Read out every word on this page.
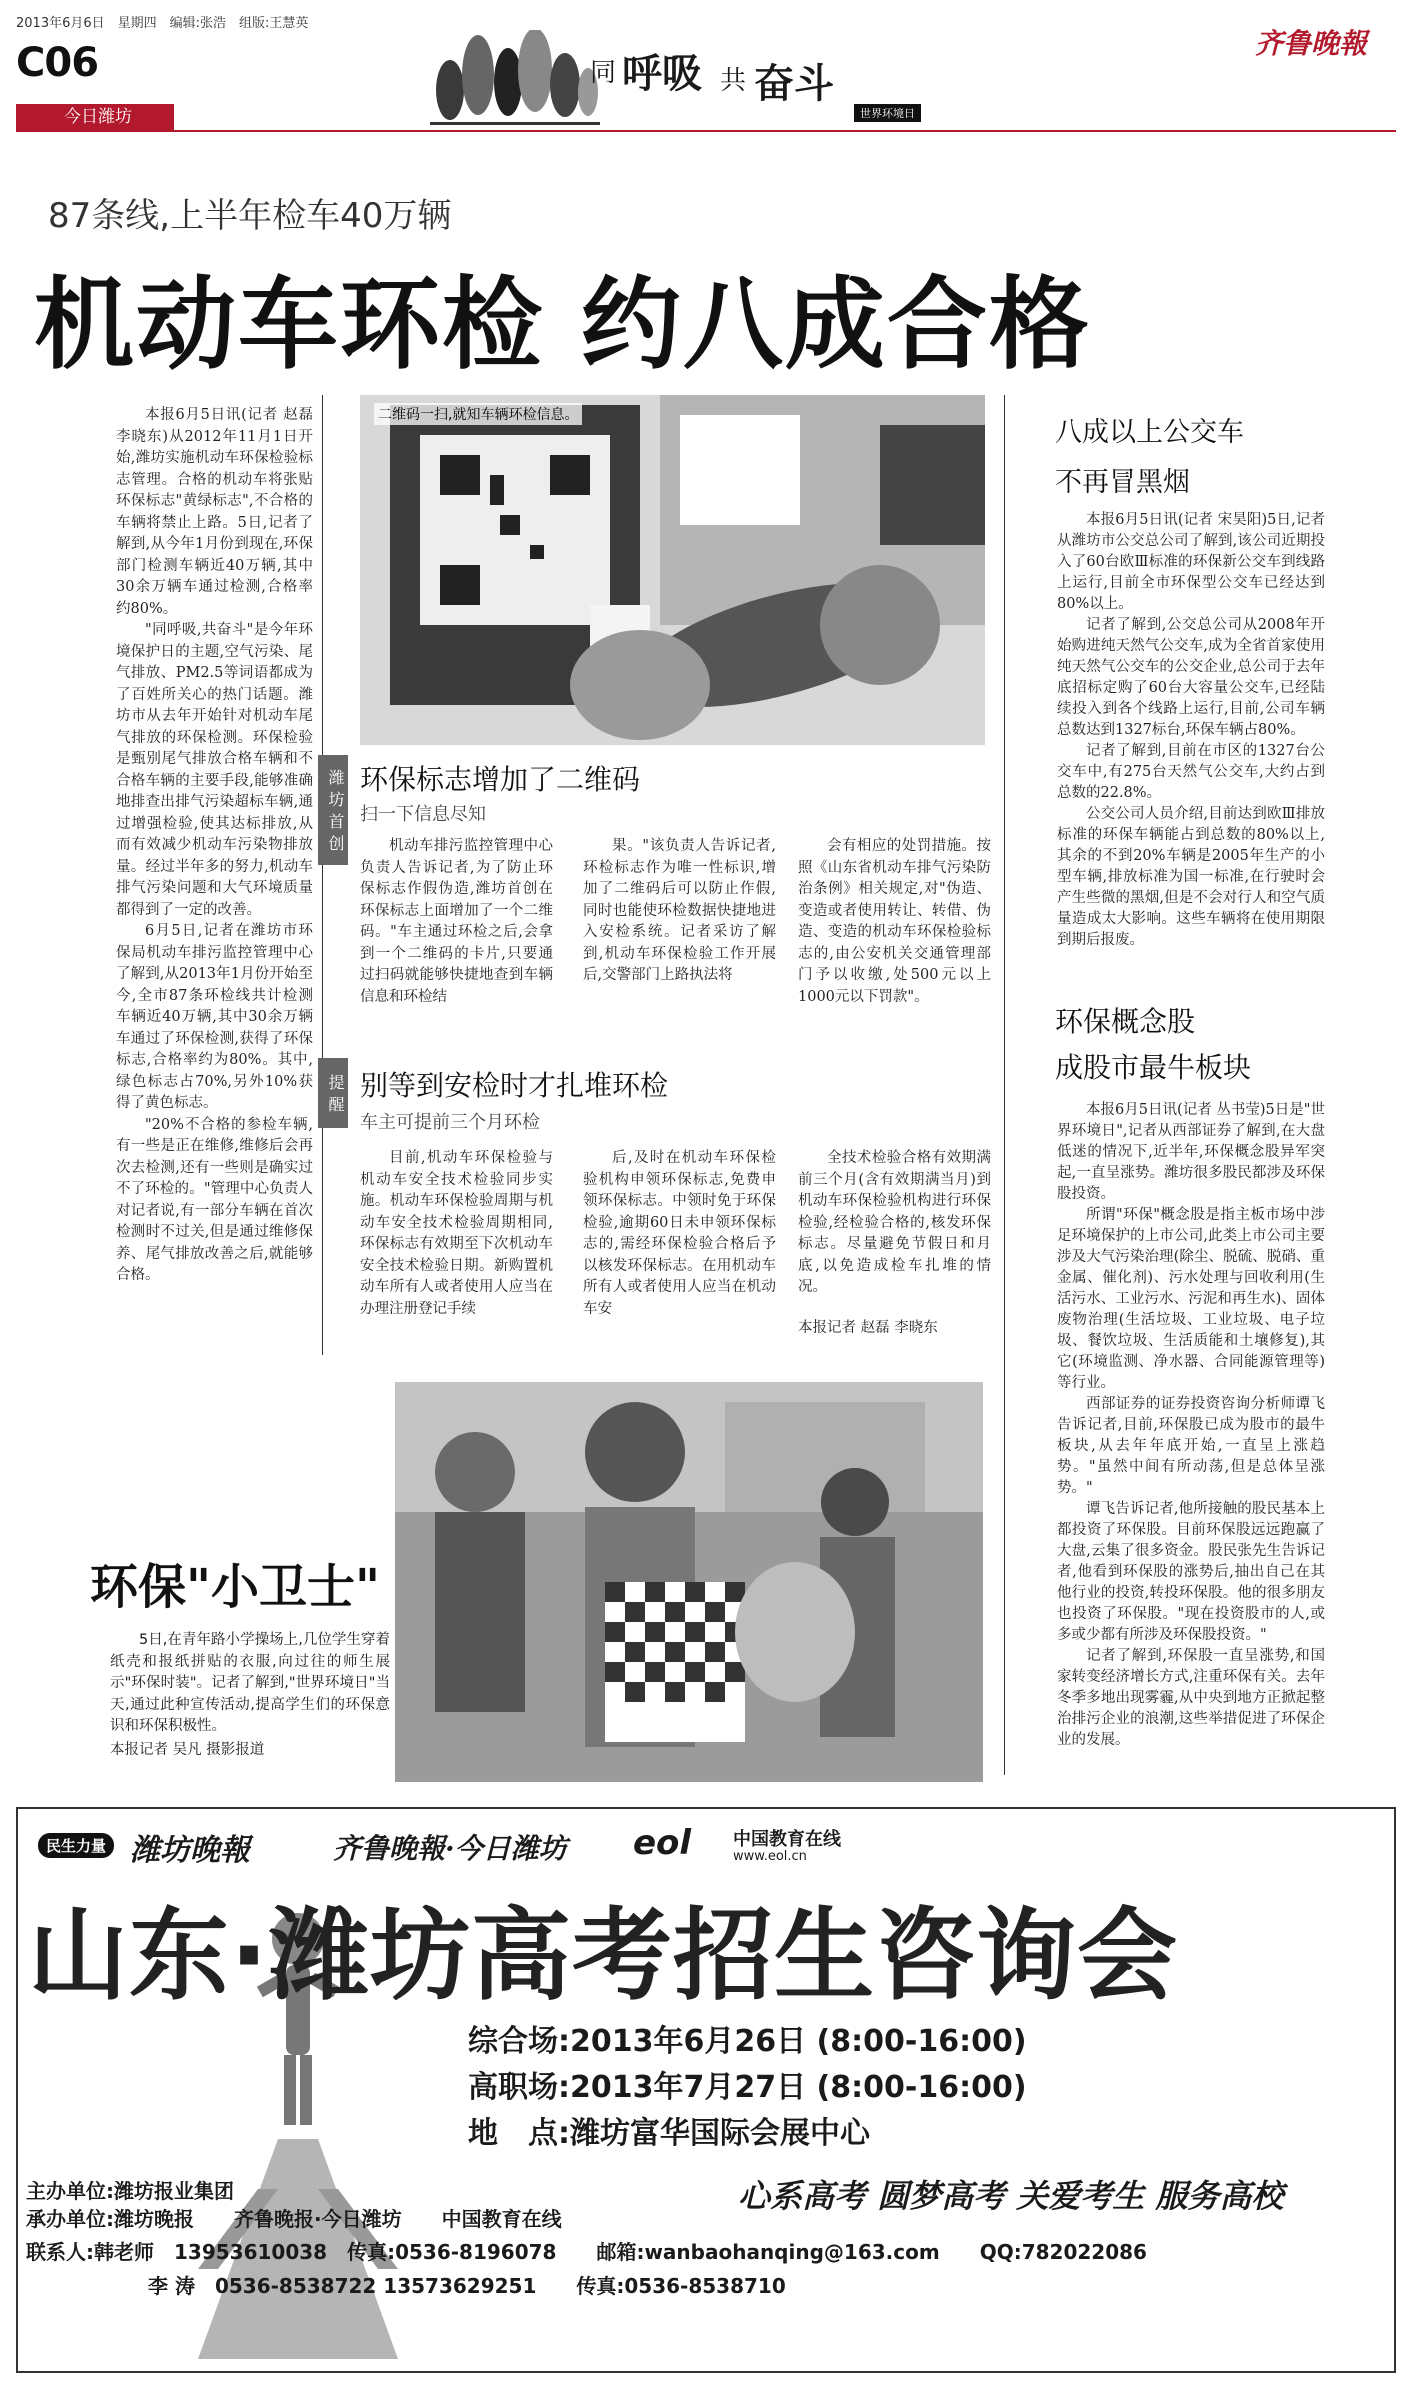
2013年6月6日　星期四　编辑:张浩　组版:王慧英
C06
今日潍坊
齐鲁晚報
同 呼吸 共 奋斗
世界环境日
87条线,上半年检车40万辆
机动车环检 约八成合格

本报6月5日讯(记者 赵磊 李晓东)从2012年11月1日开始,潍坊实施机动车环保检验标志管理。合格的机动车将张贴环保标志"黄绿标志",不合格的车辆将禁止上路。5日,记者了解到,从今年1月份到现在,环保部门检测车辆近40万辆,其中30余万辆车通过检测,合格率约80%。

"同呼吸,共奋斗"是今年环境保护日的主题,空气污染、尾气排放、PM2.5等词语都成为了百姓所关心的热门话题。潍坊市从去年开始针对机动车尾气排放的环保检测。环保检验是甄别尾气排放合格车辆和不合格车辆的主要手段,能够准确地排查出排气污染超标车辆,通过增强检验,使其达标排放,从而有效减少机动车污染物排放量。经过半年多的努力,机动车排气污染问题和大气环境质量都得到了一定的改善。

6月5日,记者在潍坊市环保局机动车排污监控管理中心了解到,从2013年1月份开始至今,全市87条环检线共计检测车辆近40万辆,其中30余万辆车通过了环保检测,获得了环保标志,合格率约为80%。其中,绿色标志占70%,另外10%获得了黄色标志。

"20%不合格的参检车辆,有一些是正在维修,维修后会再次去检测,还有一些则是确实过不了环检的。"管理中心负责人对记者说,有一部分车辆在首次检测时不过关,但是通过维修保养、尾气排放改善之后,就能够合格。

二维码一扫,就知车辆环检信息。
潍坊首创
提醒
环保标志增加了二维码
扫一下信息尽知

机动车排污监控管理中心负责人告诉记者,为了防止环保标志作假伪造,潍坊首创在环保标志上面增加了一个二维码。"车主通过环检之后,会拿到一个二维码的卡片,只要通过扫码就能够快捷地查到车辆信息和环检结

果。"该负责人告诉记者,环检标志作为唯一性标识,增加了二维码后可以防止作假,同时也能使环检数据快捷地进入安检系统。记者采访了解到,机动车环保检验工作开展后,交警部门上路执法将

会有相应的处罚措施。按照《山东省机动车排气污染防治条例》相关规定,对"伪造、变造或者使用转让、转借、伪造、变造的机动车环保检验标志的,由公安机关交通管理部门予以收缴,处500元以上1000元以下罚款"。

别等到安检时才扎堆环检
车主可提前三个月环检

目前,机动车环保检验与机动车安全技术检验同步实施。机动车环保检验周期与机动车安全技术检验周期相同,环保标志有效期至下次机动车安全技术检验日期。新购置机动车所有人或者使用人应当在办理注册登记手续

后,及时在机动车环保检验机构申领环保标志,免费申领环保标志。中领时免于环保检验,逾期60日未申领环保标志的,需经环保检验合格后予以核发环保标志。在用机动车所有人或者使用人应当在机动车安

全技术检验合格有效期满前三个月(含有效期满当月)到机动车环保检验机构进行环保检验,经检验合格的,核发环保标志。尽量避免节假日和月底,以免造成检车扎堆的情况。

本报记者 赵磊 李晓东
八成以上公交车
不再冒黑烟

本报6月5日讯(记者 宋昊阳)5日,记者从潍坊市公交总公司了解到,该公司近期投入了60台欧Ⅲ标准的环保新公交车到线路上运行,目前全市环保型公交车已经达到80%以上。

记者了解到,公交总公司从2008年开始购进纯天然气公交车,成为全省首家使用纯天然气公交车的公交企业,总公司于去年底招标定购了60台大容量公交车,已经陆续投入到各个线路上运行,目前,公司车辆总数达到1327标台,环保车辆占80%。

记者了解到,目前在市区的1327台公交车中,有275台天然气公交车,大约占到总数的22.8%。

公交公司人员介绍,目前达到欧Ⅲ排放标准的环保车辆能占到总数的80%以上,其余的不到20%车辆是2005年生产的小型车辆,排放标准为国一标准,在行驶时会产生些微的黑烟,但是不会对行人和空气质量造成太大影响。这些车辆将在使用期限到期后报废。

环保概念股
成股市最牛板块

本报6月5日讯(记者 丛书莹)5日是"世界环境日",记者从西部证券了解到,在大盘低迷的情况下,近半年,环保概念股异军突起,一直呈涨势。潍坊很多股民都涉及环保股投资。

所谓"环保"概念股是指主板市场中涉足环境保护的上市公司,此类上市公司主要涉及大气污染治理(除尘、脱硫、脱硝、重金属、催化剂)、污水处理与回收利用(生活污水、工业污水、污泥和再生水)、固体废物治理(生活垃圾、工业垃圾、电子垃圾、餐饮垃圾、生活质能和土壤修复),其它(环境监测、净水器、合同能源管理等)等行业。

西部证券的证券投资咨询分析师谭飞告诉记者,目前,环保股已成为股市的最牛板块,从去年年底开始,一直呈上涨趋势。"虽然中间有所动荡,但是总体呈涨势。"

谭飞告诉记者,他所接触的股民基本上都投资了环保股。目前环保股远远跑赢了大盘,云集了很多资金。股民张先生告诉记者,他看到环保股的涨势后,抽出自己在其他行业的投资,转投环保股。他的很多朋友也投资了环保股。"现在投资股市的人,或多或少都有所涉及环保股投资。"

记者了解到,环保股一直呈涨势,和国家转变经济增长方式,注重环保有关。去年冬季多地出现雾霾,从中央到地方正掀起整治排污企业的浪潮,这些举措促进了环保企业的发展。

环保"小卫士"
5日,在青年路小学操场上,几位学生穿着纸壳和报纸拼贴的衣服,向过往的师生展示"环保时装"。记者了解到,"世界环境日"当天,通过此种宣传活动,提高学生们的环保意识和环保积极性。
本报记者 吴凡 摄影报道
民生力量 潍坊晚報	齐鲁晚報·今日潍坊 eol 中国教育在线
www.eol.cn
山东·潍坊高考招生咨询会
综合场:2013年6月26日 (8:00-16:00)
高职场:2013年7月27日 (8:00-16:00)
地　点:潍坊富华国际会展中心
主办单位:潍坊报业集团
承办单位:潍坊晚报　　齐鲁晚报·今日潍坊　　中国教育在线
心系高考 圆梦高考 关爱考生 服务高校
联系人:韩老师　13953610038　传真:0536-8196078　　邮箱:wanbaohanqing@163.com　　QQ:782022086
李 涛　0536-8538722 13573629251　　传真:0536-8538710
